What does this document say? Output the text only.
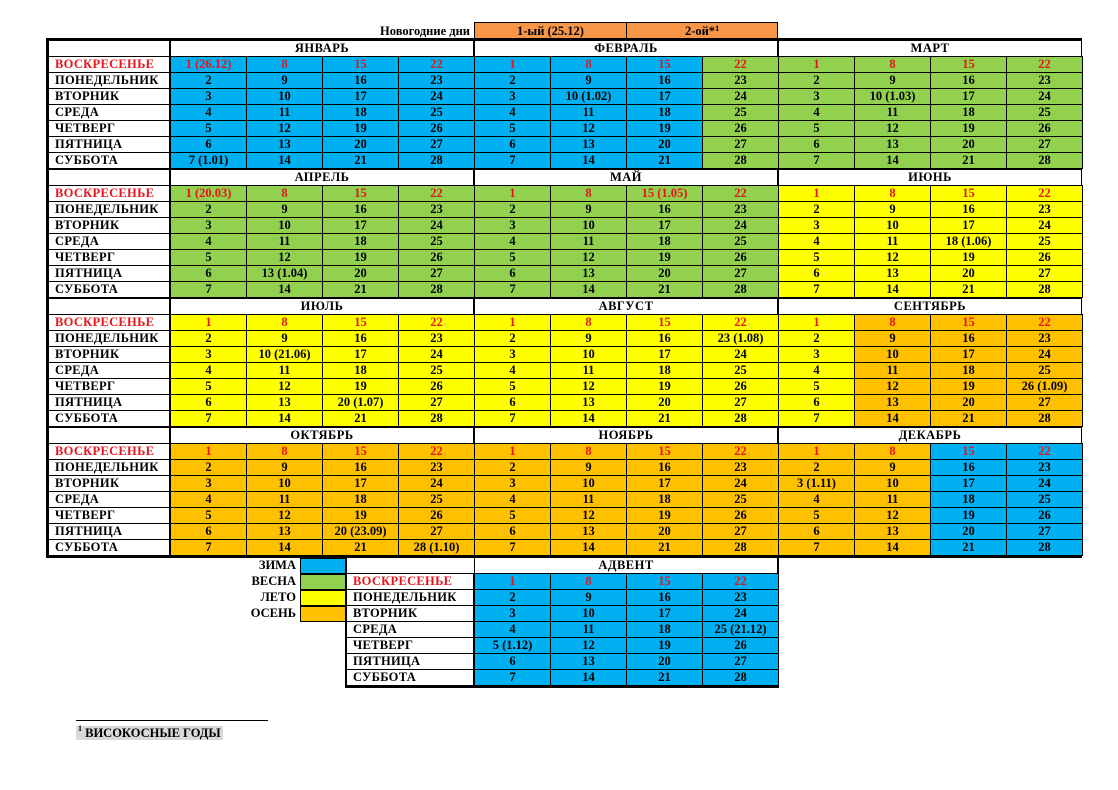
Новогодние дни	1-ый (25.12)	2-ой*$^1$
ВОСКРЕСЕНЬЕ
ПОНЕДЕЛЬНИК
ВТОРНИК
СРЕДА
ЧЕТВЕРГ
ПЯТНИЦА
СУББОТА
ЯНВАРЬ
1 (26.12)
2
3
4
5
6
7 (1.01)
8
9
10
11
12
13
14
15
16
17
18
19
20
21
22
23
24
25
26
27
28
ФЕВРАЛЬ
1
2
3
4
5
6
7
8
9
10 (1.02)
11
12
13
14
15
16
17
18
19
20
21
22
23
24
25
26
27
28
МАРТ
1
2
3
4
5
6
7
8
9
10 (1.03)
11
12
13
14
15
16
17
18
19
20
21
22
23
24
25
26
27
28
ВОСКРЕСЕНЬЕ
ПОНЕДЕЛЬНИК
ВТОРНИК
СРЕДА
ЧЕТВЕРГ
ПЯТНИЦА
СУББОТА
АПРЕЛЬ
1 (20.03)
2
3
4
5
6
7
8
9
10
11
12
13 (1.04)
14
15
16
17
18
19
20
21
22
23
24
25
26
27
28
МАЙ
1
2
3
4
5
6
7
8
9
10
11
12
13
14
15 (1.05)
16
17
18
19
20
21
22
23
24
25
26
27
28
ИЮНЬ
1
2
3
4
5
6
7
8
9
10
11
12
13
14
15
16
17
18 (1.06)
19
20
21
22
23
24
25
26
27
28
ВОСКРЕСЕНЬЕ
ПОНЕДЕЛЬНИК
ВТОРНИК
СРЕДА
ЧЕТВЕРГ
ПЯТНИЦА
СУББОТА
ИЮЛЬ
1
2
3
4
5
6
7
8
9
10 (21.06)
11
12
13
14
15
16
17
18
19
20 (1.07)
21
22
23
24
25
26
27
28
АВГУСТ
1
2
3
4
5
6
7
8
9
10
11
12
13
14
15
16
17
18
19
20
21
22
23 (1.08)
24
25
26
27
28
СЕНТЯБРЬ
1
2
3
4
5
6
7
8
9
10
11
12
13
14
15
16
17
18
19
20
21
22
23
24
25
26 (1.09)
27
28
ВОСКРЕСЕНЬЕ
ПОНЕДЕЛЬНИК
ВТОРНИК
СРЕДА
ЧЕТВЕРГ
ПЯТНИЦА
СУББОТА
ОКТЯБРЬ
1
2
3
4
5
6
7
8
9
10
11
12
13
14
15
16
17
18
19
20 (23.09)
21
22
23
24
25
26
27
28 (1.10)
НОЯБРЬ
1
2
3
4
5
6
7
8
9
10
11
12
13
14
15
16
17
18
19
20
21
22
23
24
25
26
27
28
ДЕКАБРЬ
1
2
3 (1.11)
4
5
6
7
8
9
10
11
12
13
14
15
16
17
18
19
20
21
22
23
24
25
26
27
28
АДВЕНТ
ВОСКРЕСЕНЬЕ
ПОНЕДЕЛЬНИК
ВТОРНИК
СРЕДА
ЧЕТВЕРГ
ПЯТНИЦА
СУББОТА
1
2
3
4
5 (1.12)
6
7
8
9
10
11
12
13
14
15
16
17
18
19
20
21
22
23
24
25 (21.12)
26
27
28
ЗИМА
ВЕСНА
ЛЕТО
ОСЕНЬ
$^1$ ВИСОКОСНЫЕ ГОДЫ
